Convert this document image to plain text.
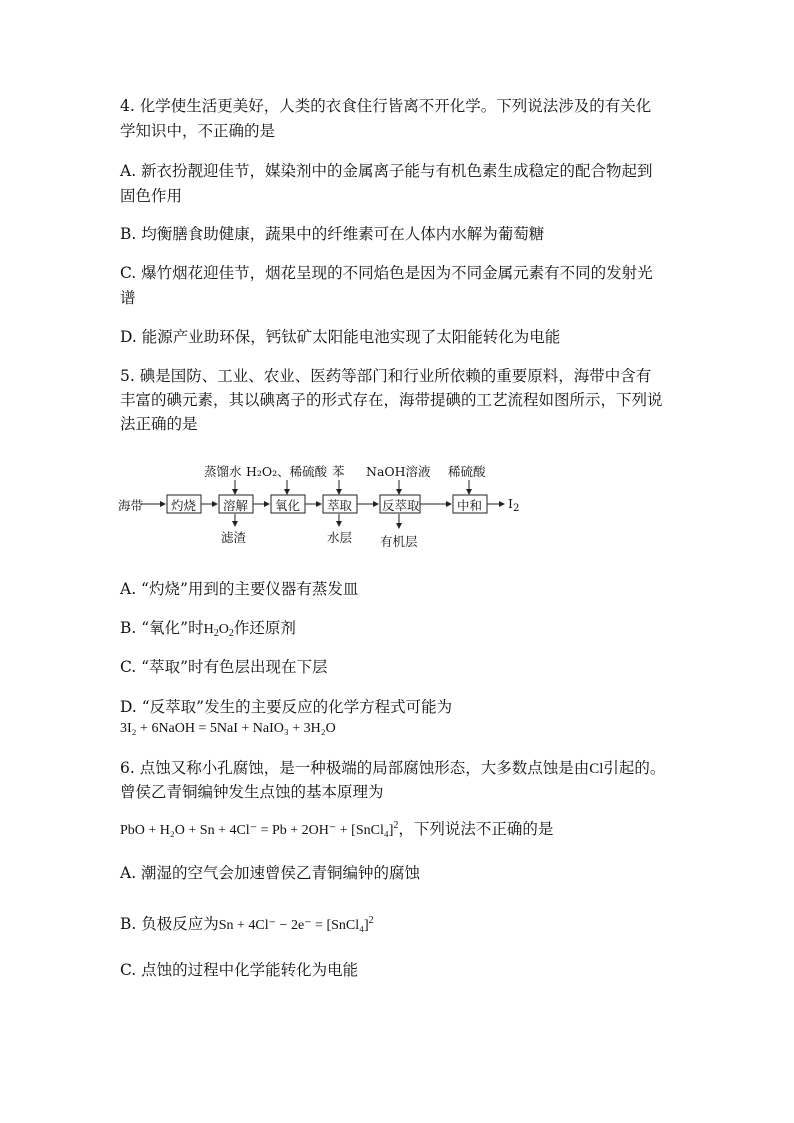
4. 化学使生活更美好，人类的衣食住行皆离不开化学。下列说法涉及的有关化
学知识中，不正确的是
A. 新衣扮靓迎佳节，媒染剂中的金属离子能与有机色素生成稳定的配合物起到
固色作用
B. 均衡膳食助健康，蔬果中的纤维素可在人体内水解为葡萄糖
C. 爆竹烟花迎佳节，烟花呈现的不同焰色是因为不同金属元素有不同的发射光
谱
D. 能源产业助环保，钙钛矿太阳能电池实现了太阳能转化为电能
5. 碘是国防、工业、农业、医药等部门和行业所依赖的重要原料，海带中含有
丰富的碘元素，其以碘离子的形式存在，海带提碘的工艺流程如图所示，下列说
法正确的是
海带 灼烧 溶解 氧化 萃取 反萃取	中和 $I_2$
蒸馏水 H₂O₂、稀硫酸 苯 NaOH溶液 稀硫酸
滤渣	水层 有机层
A. “灼烧”用到的主要仪器有蒸发皿
B. “氧化”时$H_2O_2$作还原剂
C. “萃取”时有色层出现在下层
D. “反萃取”发生的主要反应的化学方程式可能为
3I₂ + 6NaOH = 5NaI + NaIO₃ + 3H₂O
6. 点蚀又称小孔腐蚀，是一种极端的局部腐蚀形态，大多数点蚀是由Cl引起的。
曾侯乙青铜编钟发生点蚀的基本原理为
PbO + H₂O + Sn + 4Cl⁻ = Pb + 2OH⁻ + [SnCl₄]$^2$，下列说法不正确的是
A. 潮湿的空气会加速曾侯乙青铜编钟的腐蚀
B. 负极反应为Sn + 4Cl⁻ − 2e⁻ = [SnCl₄]$^2$
C. 点蚀的过程中化学能转化为电能
